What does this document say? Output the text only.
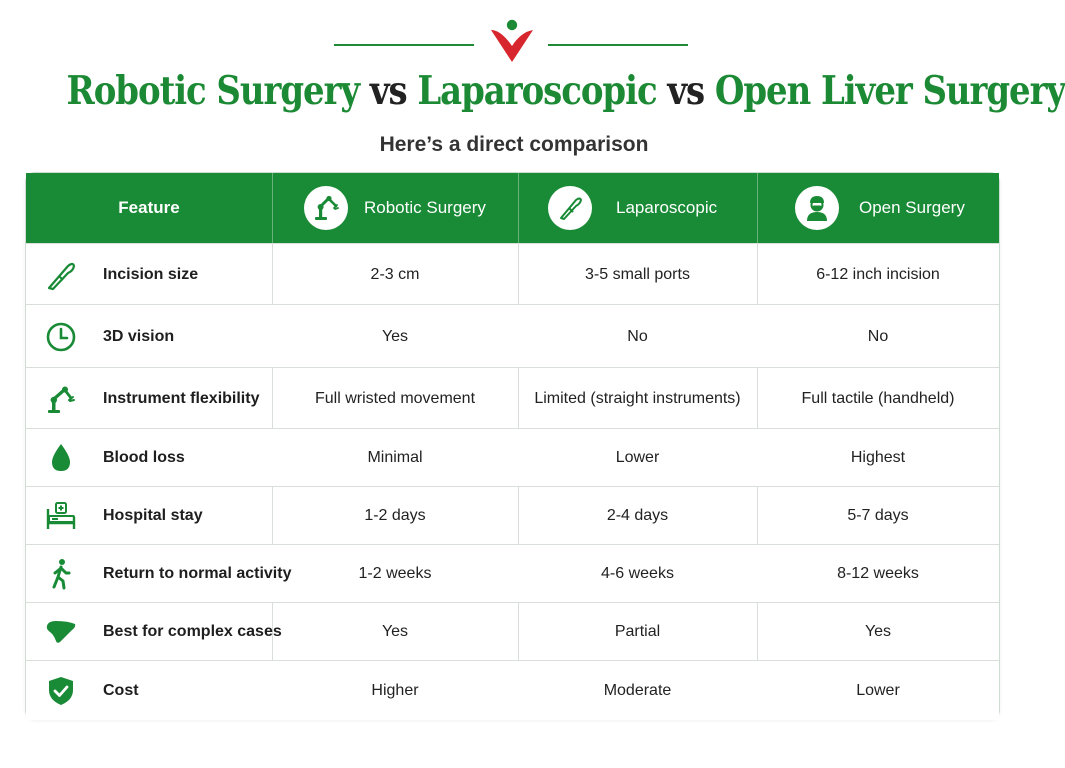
Robotic Surgery vs Laparoscopic vs Open Liver Surgery
Here’s a direct comparison
Feature	Robotic Surgery	Laparoscopic	Open Surgery
Incision size	2-3 cm	3-5 small ports	6-12 inch incision
3D vision	Yes	No	No
Instrument flexibility	Full wristed movement	Limited (straight instruments)	Full tactile (handheld)
Blood loss	Minimal	Lower	Highest
Hospital stay	1-2 days	2-4 days	5-7 days
Return to normal activity	1-2 weeks	4-6 weeks	8-12 weeks
Best for complex cases	Yes	Partial	Yes
Cost	Higher	Moderate	Lower
